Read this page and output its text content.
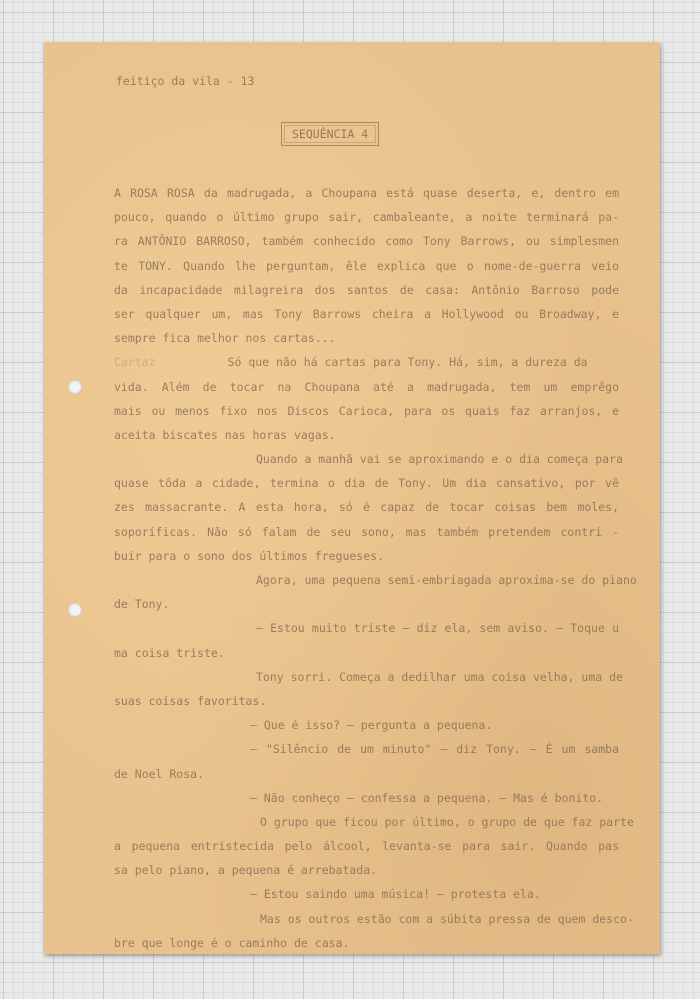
feitiço da vila - 13
SEQUÊNCIA 4
A ROSA ROSA da madrugada, a Choupana está quase deserta, e, dentro em
pouco, quando o último grupo sair, cambaleante, a noite terminará pa-
ra ANTÔNIO BARROSO, também conhecido como Tony Barrows, ou simplesmen
te TONY. Quando lhe perguntam, êle explica que o nome-de-guerra veio
da incapacidade milagreira dos santos de casa: Antônio Barroso pode
ser qualquer um, mas Tony Barrows cheira a Hollywood ou Broadway, e
sempre fica melhor nos cartas...
Cartaz	Só que não há cartas para Tony. Há, sim, a dureza da
vida. Além de tocar na Choupana até a madrugada, tem um emprêgo
mais ou menos fixo nos Discos Carioca, para os quais faz arranjos, e
aceita biscates nas horas vagas.
Quando a manhã vai se aproximando e o dia começa para
quase tôda a cidade, termina o dia de Tony. Um dia cansativo, por vê
zes massacrante. A esta hora, só é capaz de tocar coisas bem moles,
soporíficas. Não só falam de seu sono, mas também pretendem contri -
buir para o sono dos últimos fregueses.
Agora, uma pequena semi-embriagada aproxima-se do piano
de Tony.
— Estou muito triste — diz ela, sem aviso. — Toque u
ma coisa triste.
Tony sorri. Começa a dedilhar uma coisa velha, uma de
suas coisas favoritas.
— Que é isso? — pergunta a pequena.
— "Silêncio de um minuto" — diz Tony. — É um samba
de Noel Rosa.
— Não conheço — confessa a pequena. — Mas é bonito.
O grupo que ficou por último, o grupo de que faz parte
a pequena entristecida pelo álcool, levanta-se para sair. Quando pas
sa pelo piano, a pequena é arrebatada.
— Estou saindo uma música! — protesta ela.
Mas os outros estão com a súbita pressa de quem desco-
bre que longe é o caminho de casa.
